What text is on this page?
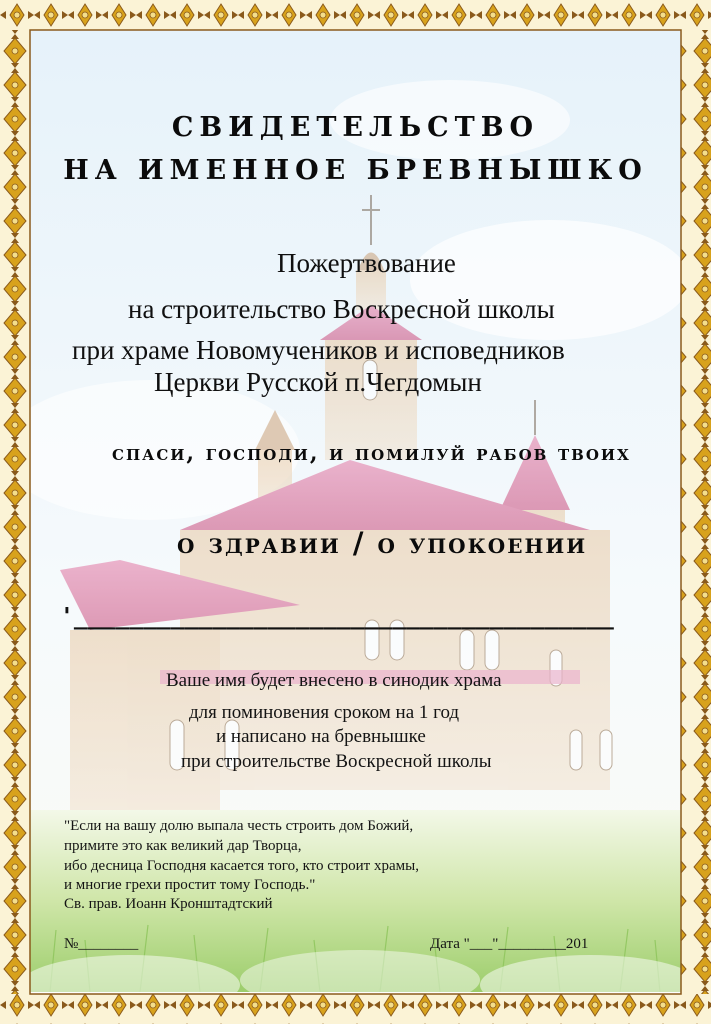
СВИДЕТЕЛЬСТВО
НА ИМЕННОЕ БРЕВНЫШКО
Пожертвование
на строительство Воскресной школы
при храме Новомучеников и исповедников
Церкви Русской п.Чегдомын
спаси, господи, и помилуй рабов твоих
о здравии / о упокоении
'_______________________________________
Ваше имя будет внесено в синодик храма
для поминовения сроком на 1 год
и написано на бревнышке
при строительстве Воскресной школы
"Если на вашу долю выпала честь строить дом Божий,
примите это как великий дар Творца,
ибо десница Господня касается того, кто строит храмы,
и многие грехи простит тому Господь."
Св. прав. Иоанн Кронштадтский
№________	Дата "___"_________201
